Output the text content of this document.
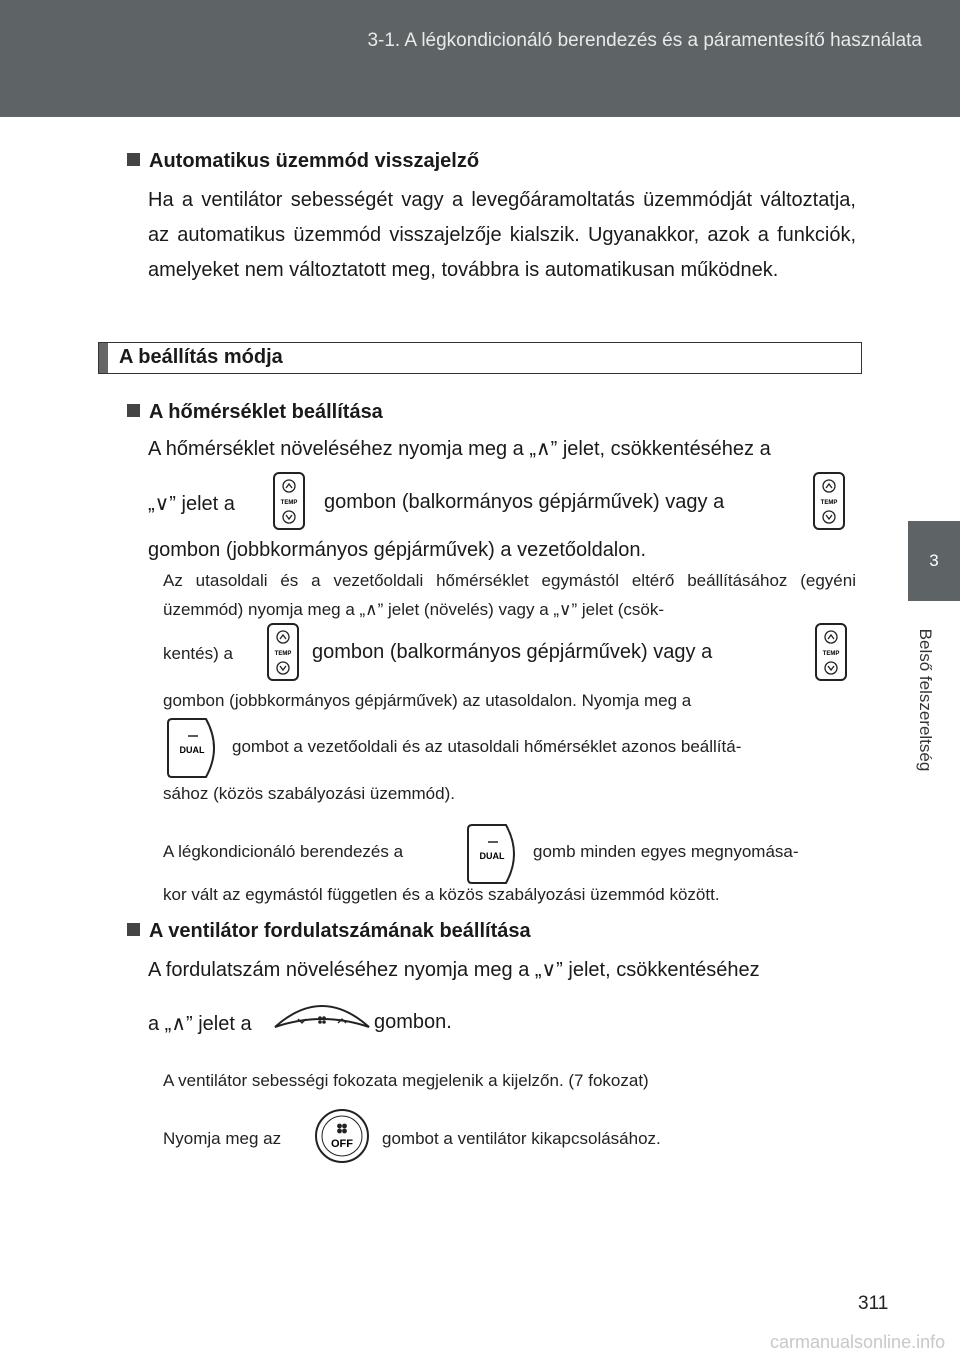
3-1. A légkondicionáló berendezés és a páramentesítő használata
3
Belső felszereltség
Automatikus üzemmód visszajelző
Ha a ventilátor sebességét vagy a levegőáramoltatás üzemmódját változtatja, az automatikus üzemmód visszajelzője kialszik. Ugyanakkor, azok a funkciók, amelyeket nem változtatott meg, továbbra is automatikusan működnek.
A beállítás módja
A hőmérséklet beállítása
A hőmérséklet növeléséhez nyomja meg a „∧” jelet, csökkentéséhez a
„∨” jelet a	TEMP gombon (balkormányos gépjárművek) vagy a	TEMP
gombon (jobbkormányos gépjárművek) a vezetőoldalon.
Az utasoldali és a vezetőoldali hőmérséklet egymástól eltérő beállításához (egyéni üzemmód) nyomja meg a „∧” jelet (növelés) vagy a „∨” jelet (csök-
kentés) a	TEMP gombon (balkormányos gépjárművek) vagy a	TEMP
gombon (jobbkormányos gépjárművek) az utasoldalon. Nyomja meg a
DUAL gombot a vezetőoldali és az utasoldali hőmérséklet azonos beállítá-
sához (közös szabályozási üzemmód).
A légkondicionáló berendezés a	DUAL gomb minden egyes megnyomása-
kor vált az egymástól független és a közös szabályozási üzemmód között.
A ventilátor fordulatszámának beállítása
A fordulatszám növeléséhez nyomja meg a „∨” jelet, csökkentéséhez
a „∧” jelet a	gombon.
A ventilátor sebességi fokozata megjelenik a kijelzőn. (7 fokozat)
Nyomja meg az	OFF gombot a ventilátor kikapcsolásához.
311
carmanualsonline.info
